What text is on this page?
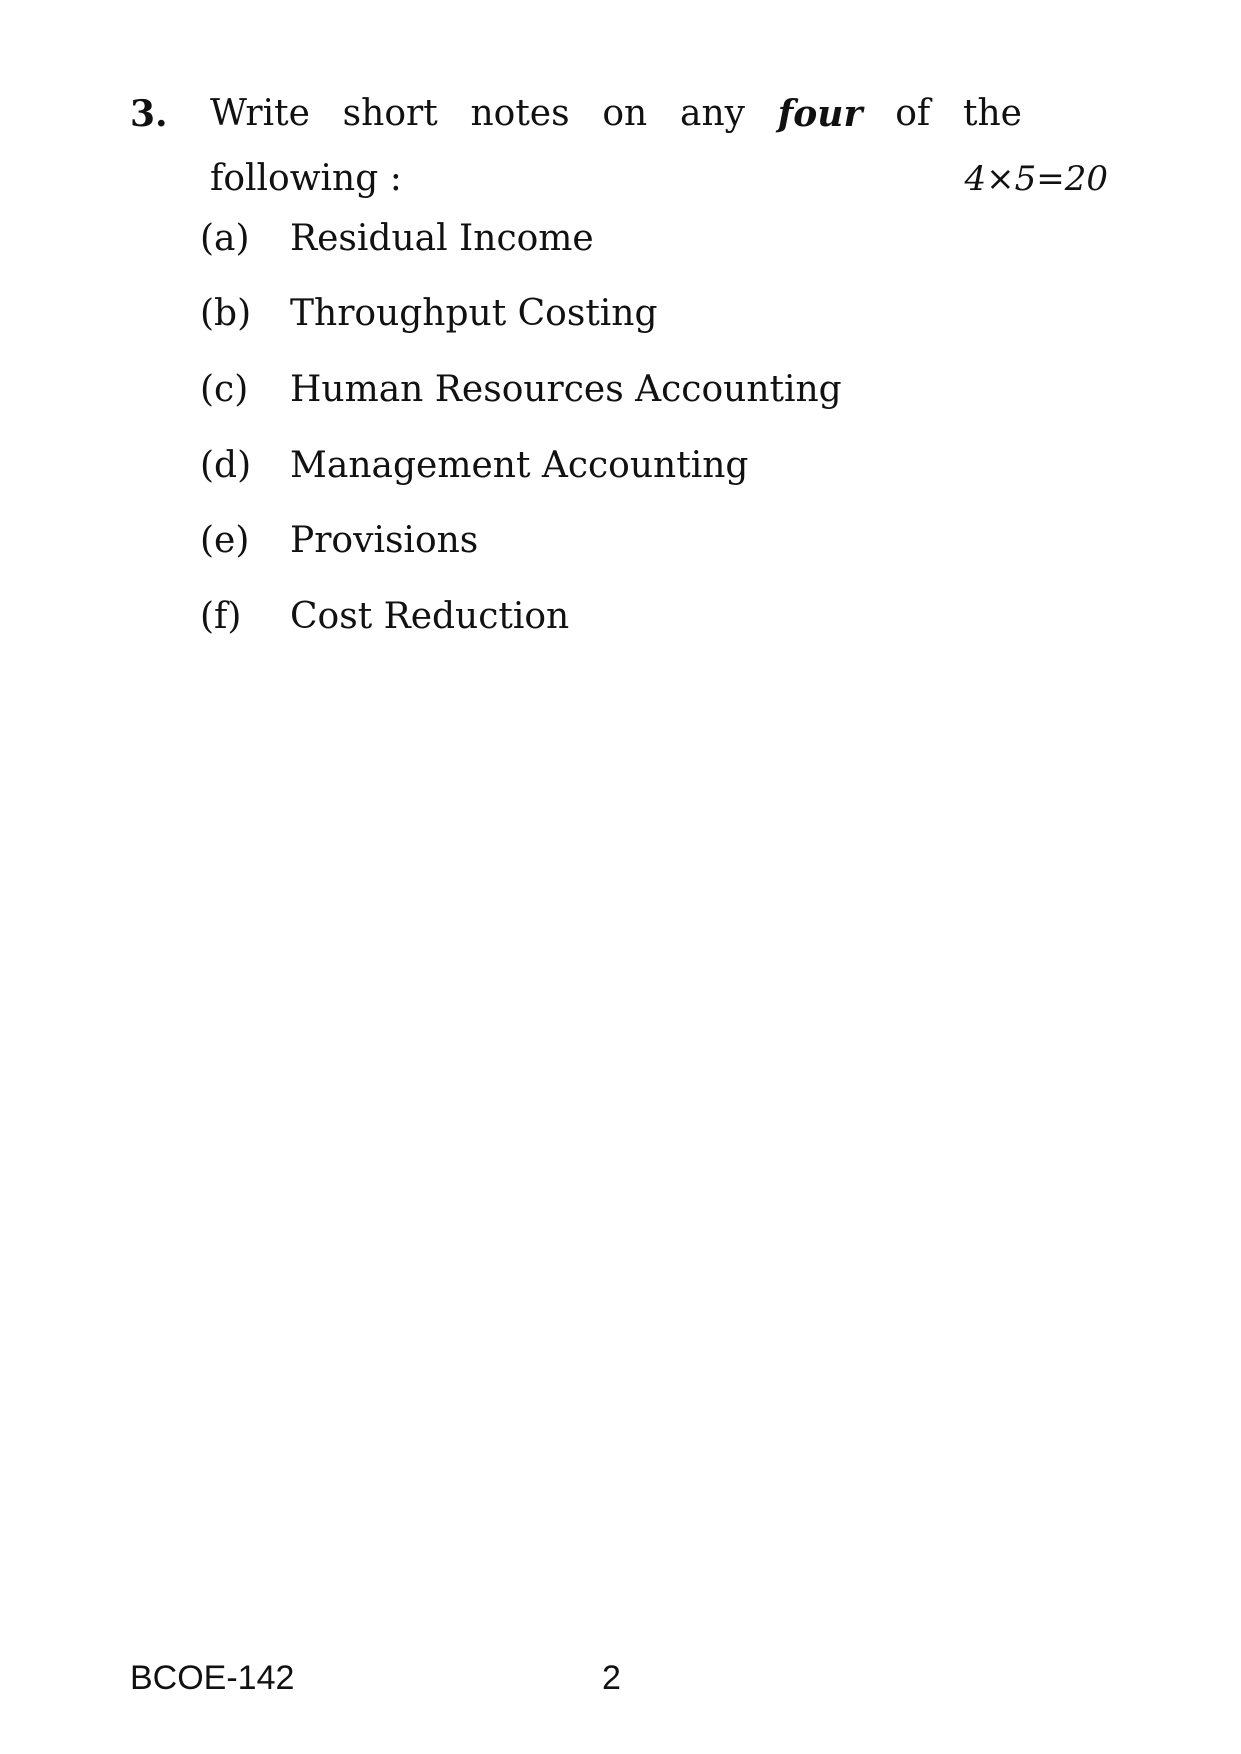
3. Write short notes on any four of the
following :	4×5=20
(a)	Residual Income
(b)	Throughput Costing
(c)	Human Resources Accounting
(d)	Management Accounting
(e)	Provisions
(f)	Cost Reduction
BCOE-142	2
